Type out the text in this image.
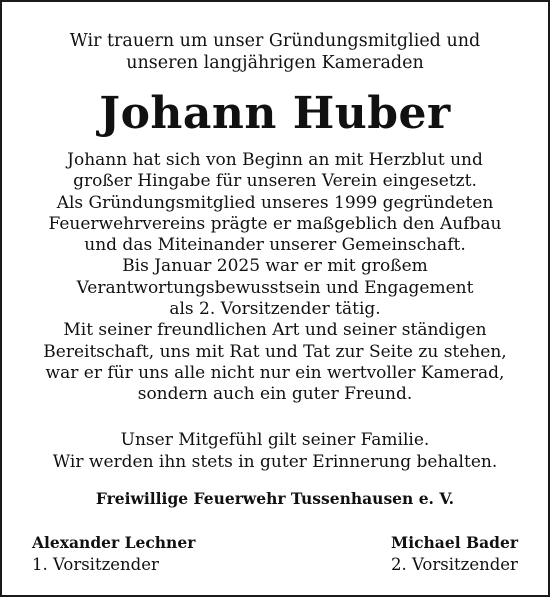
Wir trauern um unser Gründungsmitglied und
unseren langjährigen Kameraden
Johann Huber
Johann hat sich von Beginn an mit Herzblut und
großer Hingabe für unseren Verein eingesetzt.
Als Gründungsmitglied unseres 1999 gegründeten
Feuerwehrvereins prägte er maßgeblich den Aufbau
und das Miteinander unserer Gemeinschaft.
Bis Januar 2025 war er mit großem
Verantwortungsbewusstsein und Engagement
als 2. Vorsitzender tätig.
Mit seiner freundlichen Art und seiner ständigen
Bereitschaft, uns mit Rat und Tat zur Seite zu stehen,
war er für uns alle nicht nur ein wertvoller Kamerad,
sondern auch ein guter Freund.
Unser Mitgefühl gilt seiner Familie.
Wir werden ihn stets in guter Erinnerung behalten.
Freiwillige Feuerwehr Tussenhausen e. V.
Alexander Lechner
1. Vorsitzender
Michael Bader
2. Vorsitzender
